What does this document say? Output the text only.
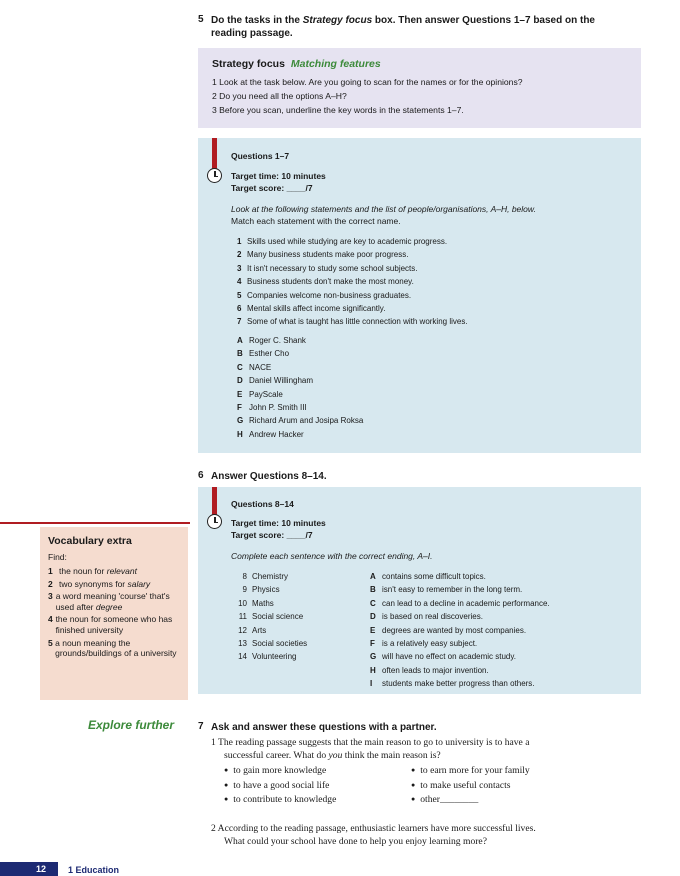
5 Do the tasks in the Strategy focus box. Then answer Questions 1–7 based on the
reading passage.
Strategy focus Matching features
1 Look at the task below. Are you going to scan for the names or for the opinions?
2 Do you need all the options A–H?
3 Before you scan, underline the key words in the statements 1–7.
Questions 1–7
Target time: 10 minutes
Target score: ____/7
Look at the following statements and the list of people/organisations, A–H, below.
Match each statement with the correct name.
1 Skills used while studying are key to academic progress.
2 Many business students make poor progress.
3 It isn't necessary to study some school subjects.
4 Business students don't make the most money.
5 Companies welcome non-business graduates.
6 Mental skills affect income significantly.
7 Some of what is taught has little connection with working lives.
A Roger C. Shank
B Esther Cho
C NACE
D Daniel Willingham
E PayScale
F John P. Smith III
G Richard Arum and Josipa Roksa
H Andrew Hacker
6 Answer Questions 8–14.
Questions 8–14
Target time: 10 minutes
Target score: ____/7
Complete each sentence with the correct ending, A–I.
8 Chemistry
9 Physics
10 Maths
11 Social science
12 Arts
13 Social societies
14 Volunteering
A contains some difficult topics.
B isn't easy to remember in the long term.
C can lead to a decline in academic performance.
D is based on real discoveries.
E degrees are wanted by most companies.
F is a relatively easy subject.
G will have no effect on academic study.
H often leads to major invention.
I	students make better progress than others.
Vocabulary extra
Find:
1 the noun for relevant
2 two synonyms for salary
3 a word meaning 'course' that's used after degree
4 the noun for someone who has finished university
5 a noun meaning the grounds/buildings of a university
Explore further 7 Ask and answer these questions with a partner.
1 The reading passage suggests that the main reason to go to university is to have a
successful career. What do you think the main reason is?
● to gain more knowledge
● to have a good social life
● to contribute to knowledge
● to earn more for your family
● to make useful contacts
● other________
2 According to the reading passage, enthusiastic learners have more successful lives.
What could your school have done to help you enjoy learning more?
12 1 Education
